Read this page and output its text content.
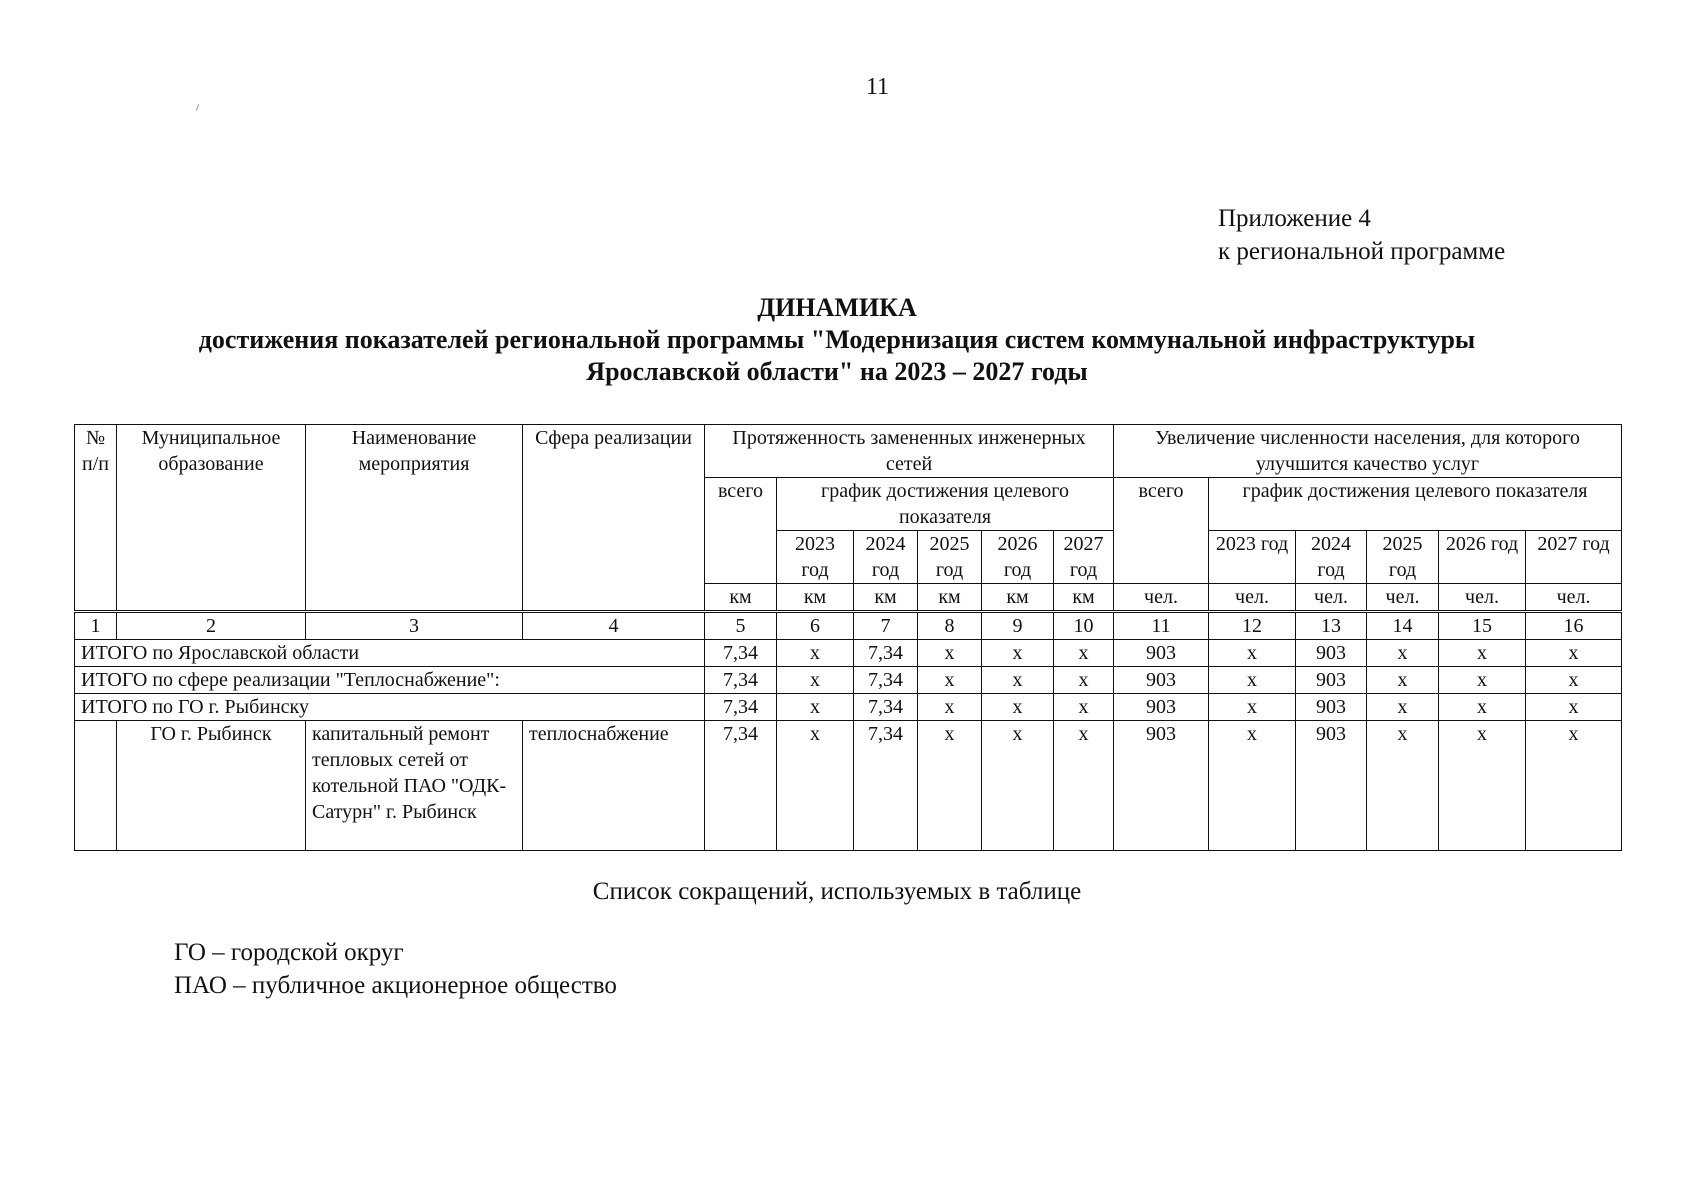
11
Приложение 4
к региональной программе
ДИНАМИКА
достижения показателей региональной программы "Модернизация систем коммунальной инфраструктуры
Ярославской области" на 2023 – 2027 годы
№ п/п	Муниципальное образование	Наименование мероприятия	Сфера реализации	Протяженность замененных инженерных сетей						Увеличение численности населения, для которого улучшится качество услуг					
				всего	график достижения целевого показателя					всего	график достижения целевого показателя				
					2023 год	2024 год	2025 год	2026 год	2027 год		2023 год	2024 год	2025 год	2026 год	2027 год
				км	км	км	км	км	км	чел.	чел.	чел.	чел.	чел.	чел.
1	2	3	4	5	6	7	8	9	10	11	12	13	14	15	16
ИТОГО по Ярославской области				7,34	x	7,34	x	x	x	903	x	903	x	x	x
ИТОГО по сфере реализации "Теплоснабжение":				7,34	x	7,34	x	x	x	903	x	903	x	x	x
ИТОГО по ГО г. Рыбинску				7,34	x	7,34	x	x	x	903	x	903	x	x	x
	ГО г. Рыбинск	капитальный ремонт тепловых сетей от котельной ПАО "ОДК-Сатурн" г. Рыбинск	теплоснабжение	7,34	x	7,34	x	x	x	903	x	903	x	x	x
Список сокращений, используемых в таблице
ГО – городской округ
ПАО – публичное акционерное общество
